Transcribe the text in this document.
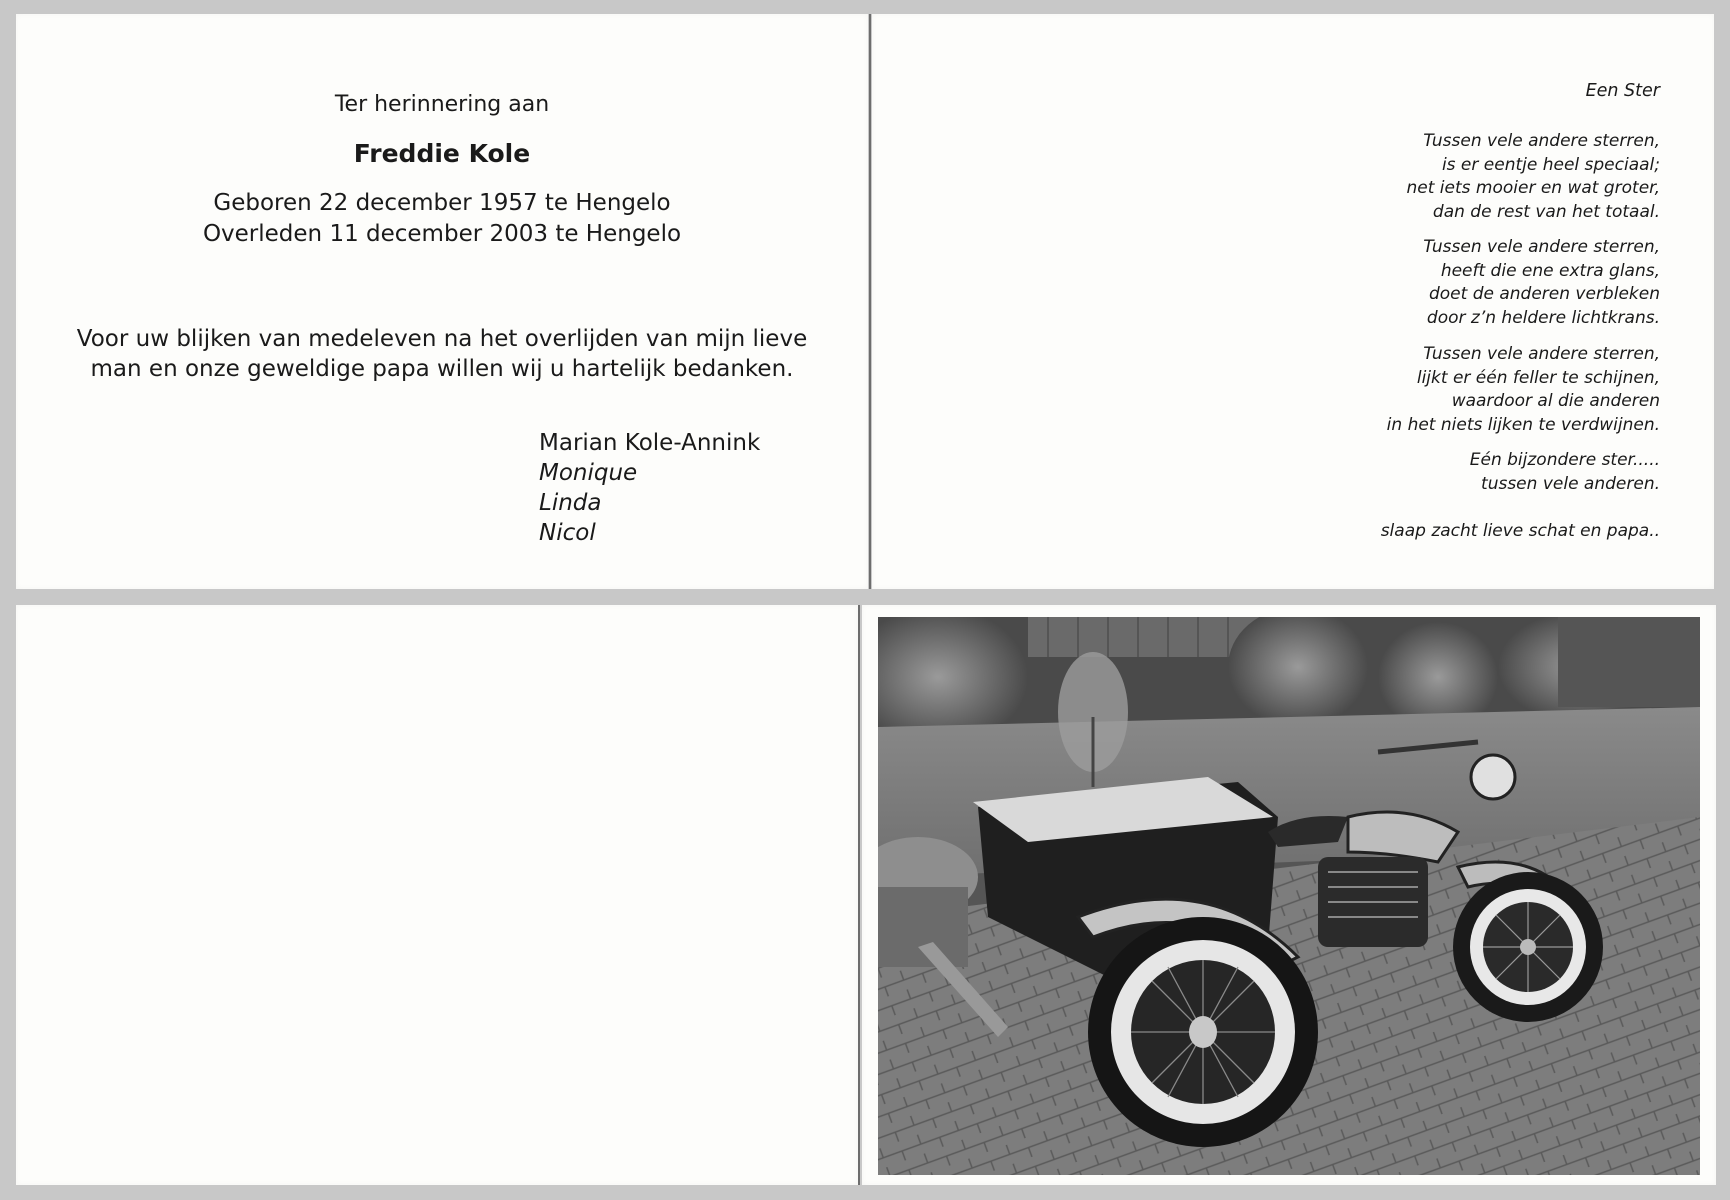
Ter herinnering aan
Freddie Kole
Geboren 22 december 1957 te Hengelo
Overleden 11 december 2003 te Hengelo
Voor uw blijken van medeleven na het overlijden van mijn lieve
man en onze geweldige papa willen wij u hartelijk bedanken.
Marian Kole-Annink
Monique
Linda
Nicol
Een Ster
Tussen vele andere sterren,
is er eentje heel speciaal;
net iets mooier en wat groter,
dan de rest van het totaal.
Tussen vele andere sterren,
heeft die ene extra glans,
doet de anderen verbleken
door z’n heldere lichtkrans.
Tussen vele andere sterren,
lijkt er één feller te schijnen,
waardoor al die anderen
in het niets lijken te verdwijnen.
Eén bijzondere ster.....
tussen vele anderen.
slaap zacht lieve schat en papa..
